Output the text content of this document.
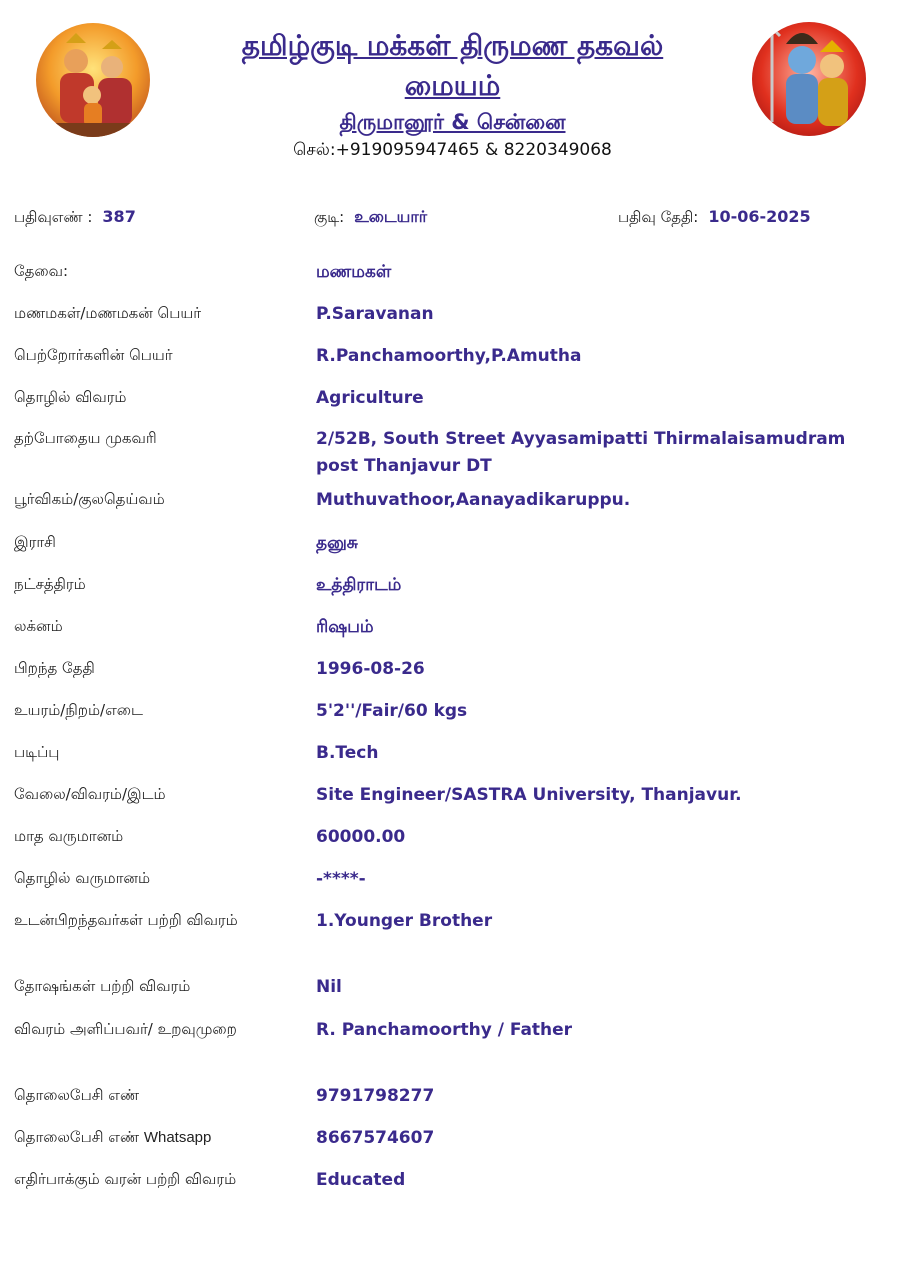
தமிழ்குடி மக்கள் திருமண தகவல்
மையம்
திருமானூர் & சென்னை
செல்:+919095947465 & 8220349068
பதிவுஎண் : 387	குடி: உடையார்	பதிவு தேதி: 10-06-2025
தேவை:	மணமகள்
மணமகள்/மணமகன் பெயர்	P.Saravanan
பெற்றோர்களின் பெயர்	R.Panchamoorthy,P.Amutha
தொழில் விவரம்	Agriculture
தற்போதைய முகவரி	2/52B, South Street Ayyasamipatti Thirmalaisamudram post Thanjavur DT
பூர்விகம்/குலதெய்வம்	Muthuvathoor,Aanayadikaruppu.
இராசி	தனுசு
நட்சத்திரம்	உத்திராடம்
லக்னம்	ரிஷபம்
பிறந்த தேதி	1996-08-26
உயரம்/நிறம்/எடை	5'2''/Fair/60 kgs
படிப்பு	B.Tech
வேலை/விவரம்/இடம்	Site Engineer/SASTRA University, Thanjavur.
மாத வருமானம்	60000.00
தொழில் வருமானம்	-****-
உடன்பிறந்தவர்கள் பற்றி விவரம்	1.Younger Brother
தோஷங்கள் பற்றி விவரம்	Nil
விவரம் அளிப்பவர்/ உறவுமுறை	R. Panchamoorthy / Father
தொலைபேசி எண்	9791798277
தொலைபேசி எண் Whatsapp	8667574607
எதிர்பாக்கும் வரன் பற்றி விவரம்	Educated
